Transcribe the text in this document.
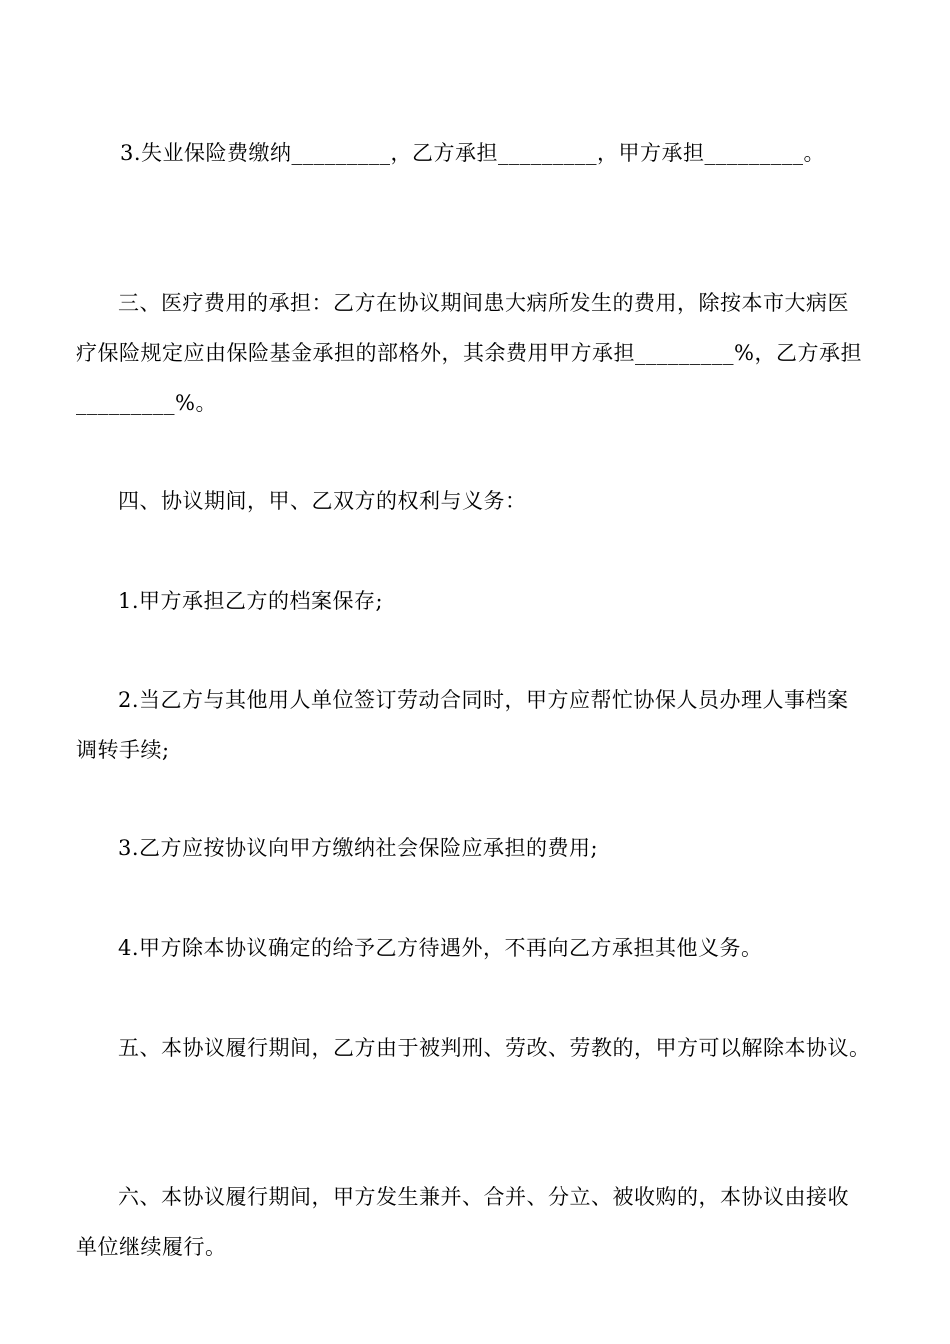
3.失业保险费缴纳_________，乙方承担_________，甲方承担_________。
三、医疗费用的承担：乙方在协议期间患大病所发生的费用，除按本市大病医
疗保险规定应由保险基金承担的部格外，其余费用甲方承担_________%，乙方承担
_________%。
四、协议期间，甲、乙双方的权利与义务：
1.甲方承担乙方的档案保存;
2.当乙方与其他用人单位签订劳动合同时，甲方应帮忙协保人员办理人事档案
调转手续;
3.乙方应按协议向甲方缴纳社会保险应承担的费用;
4.甲方除本协议确定的给予乙方待遇外，不再向乙方承担其他义务。
五、本协议履行期间，乙方由于被判刑、劳改、劳教的，甲方可以解除本协议。
六、本协议履行期间，甲方发生兼并、合并、分立、被收购的，本协议由接收
单位继续履行。
